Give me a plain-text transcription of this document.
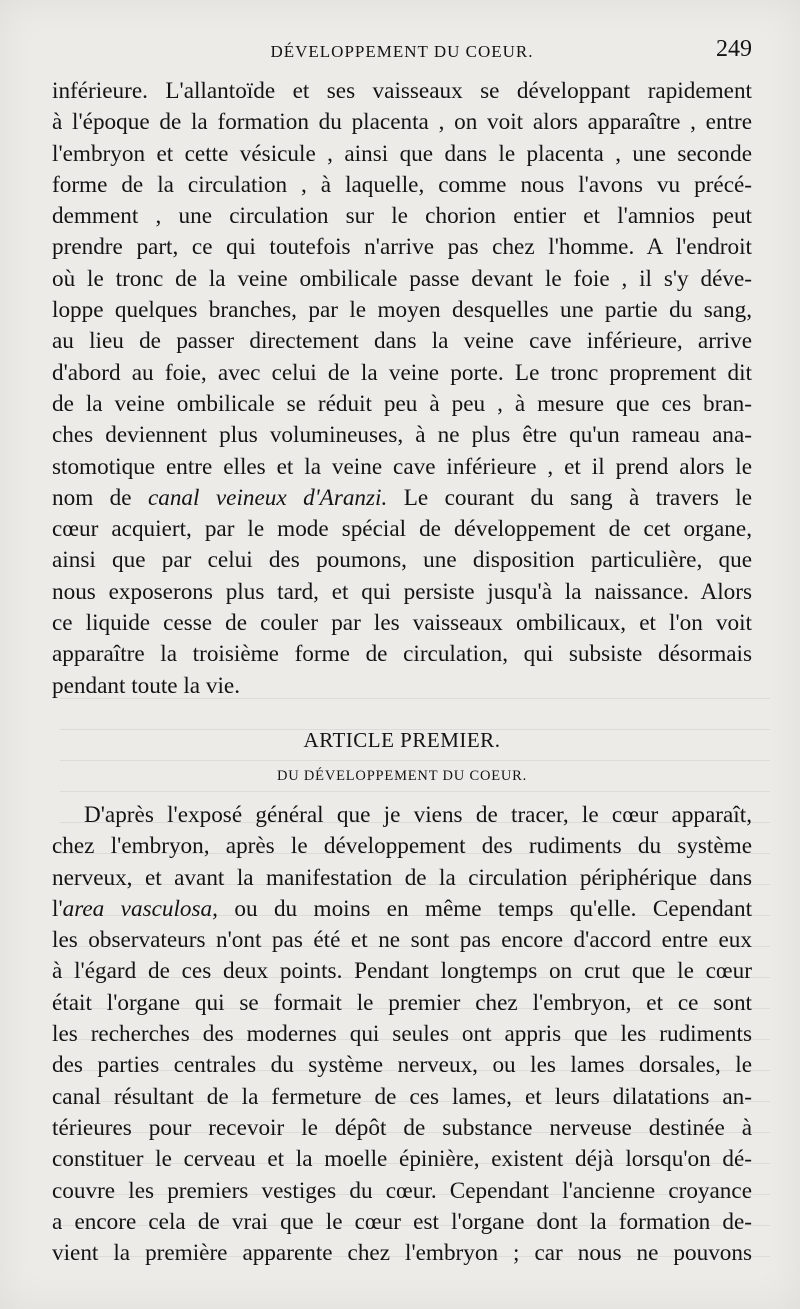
DÉVELOPPEMENT DU COEUR.	249
inférieure. L'allantoïde et ses vaisseaux se développant rapidement
à l'époque de la formation du placenta , on voit alors apparaître , entre
l'embryon et cette vésicule , ainsi que dans le placenta , une seconde
forme de la circulation , à laquelle, comme nous l'avons vu précé-
demment , une circulation sur le chorion entier et l'amnios peut
prendre part, ce qui toutefois n'arrive pas chez l'homme. A l'endroit
où le tronc de la veine ombilicale passe devant le foie , il s'y déve-
loppe quelques branches, par le moyen desquelles une partie du sang,
au lieu de passer directement dans la veine cave inférieure, arrive
d'abord au foie, avec celui de la veine porte. Le tronc proprement dit
de la veine ombilicale se réduit peu à peu , à mesure que ces bran-
ches deviennent plus volumineuses, à ne plus être qu'un rameau ana-
stomotique entre elles et la veine cave inférieure , et il prend alors le
nom de canal veineux d'Aranzi. Le courant du sang à travers le
cœur acquiert, par le mode spécial de développement de cet organe,
ainsi que par celui des poumons, une disposition particulière, que
nous exposerons plus tard, et qui persiste jusqu'à la naissance. Alors
ce liquide cesse de couler par les vaisseaux ombilicaux, et l'on voit
apparaître la troisième forme de circulation, qui subsiste désormais
pendant toute la vie.
ARTICLE PREMIER.
DU DÉVELOPPEMENT DU COEUR.
D'après l'exposé général que je viens de tracer, le cœur apparaît,
chez l'embryon, après le développement des rudiments du système
nerveux, et avant la manifestation de la circulation périphérique dans
l'area vasculosa, ou du moins en même temps qu'elle. Cependant
les observateurs n'ont pas été et ne sont pas encore d'accord entre eux
à l'égard de ces deux points. Pendant longtemps on crut que le cœur
était l'organe qui se formait le premier chez l'embryon, et ce sont
les recherches des modernes qui seules ont appris que les rudiments
des parties centrales du système nerveux, ou les lames dorsales, le
canal résultant de la fermeture de ces lames, et leurs dilatations an-
térieures pour recevoir le dépôt de substance nerveuse destinée à
constituer le cerveau et la moelle épinière, existent déjà lorsqu'on dé-
couvre les premiers vestiges du cœur. Cependant l'ancienne croyance
a encore cela de vrai que le cœur est l'organe dont la formation de-
vient la première apparente chez l'embryon ; car nous ne pouvons
